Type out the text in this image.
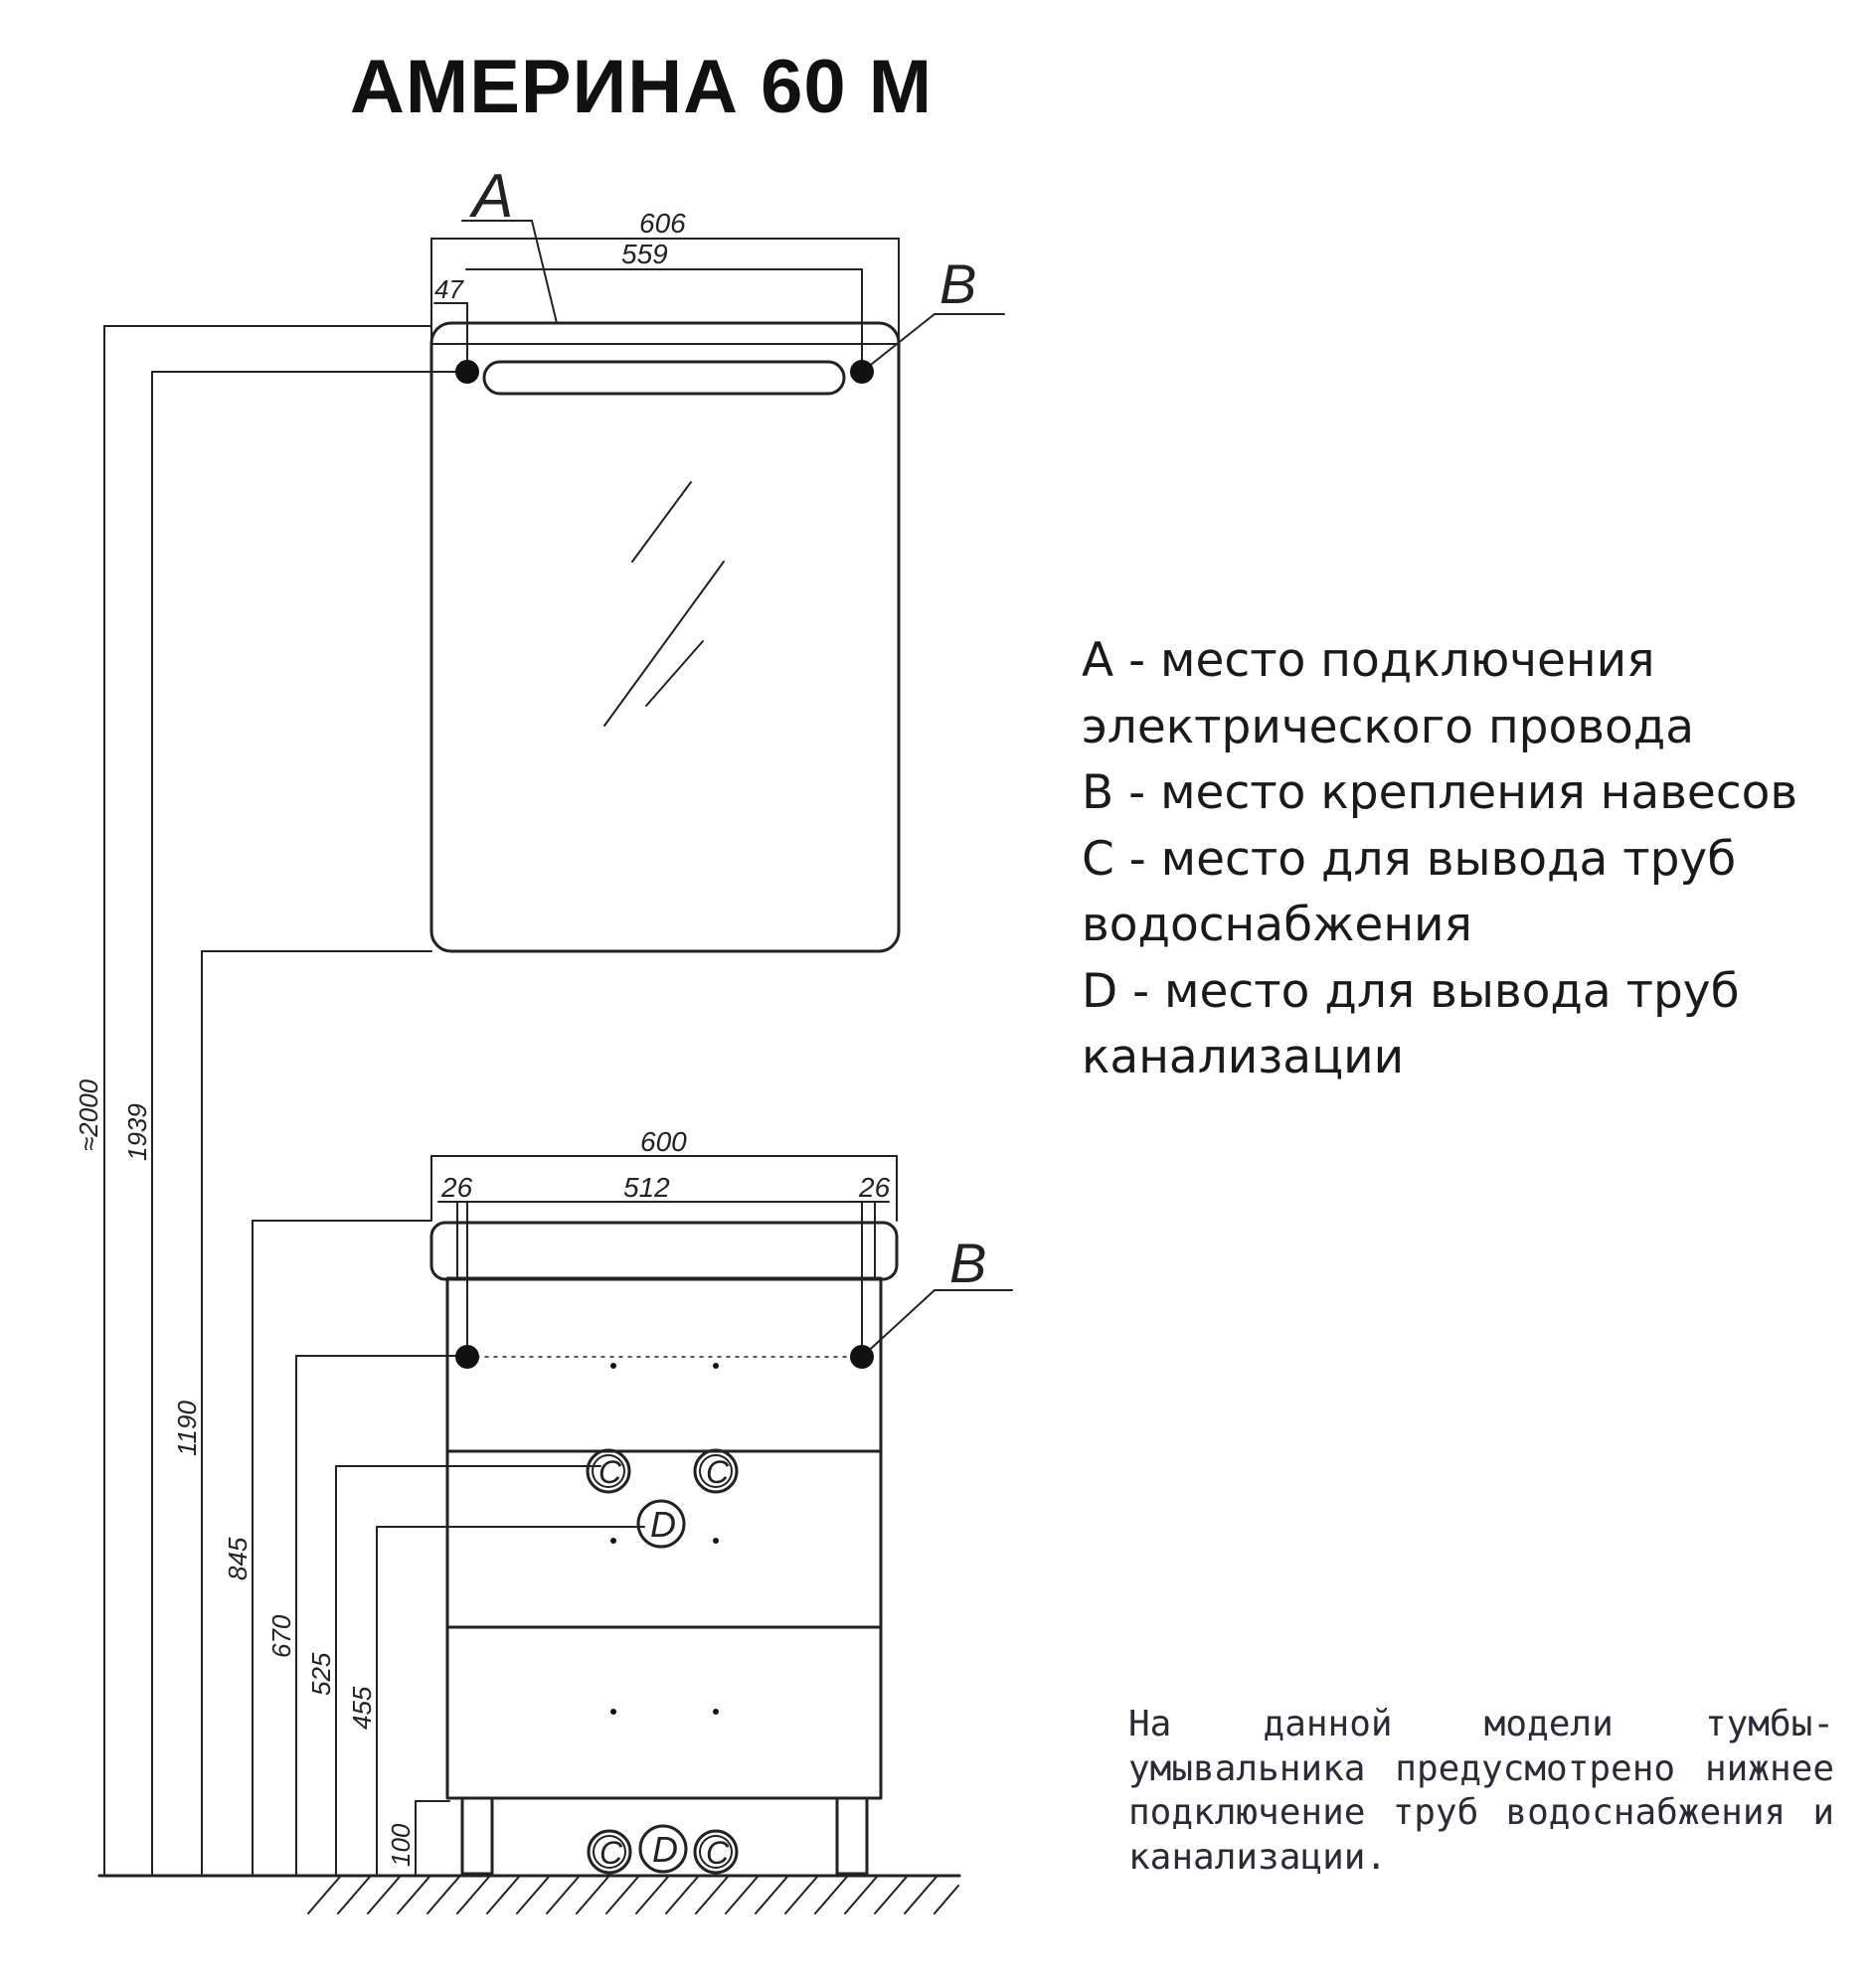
АМЕРИНА 60 М
A
B
B
C	C
D
C	C
D
606
559
47
600
26	512	26
≈2000 1939
1190
845
670
525
455
100
A - место подключения
электрического провода
B - место крепления навесов
C - место для вывода труб
водоснабжения
D - место для вывода труб
канализации
На данной модели тумбы-умывальника предусмотрено нижнее подключение труб водоснабжения и канализации.
